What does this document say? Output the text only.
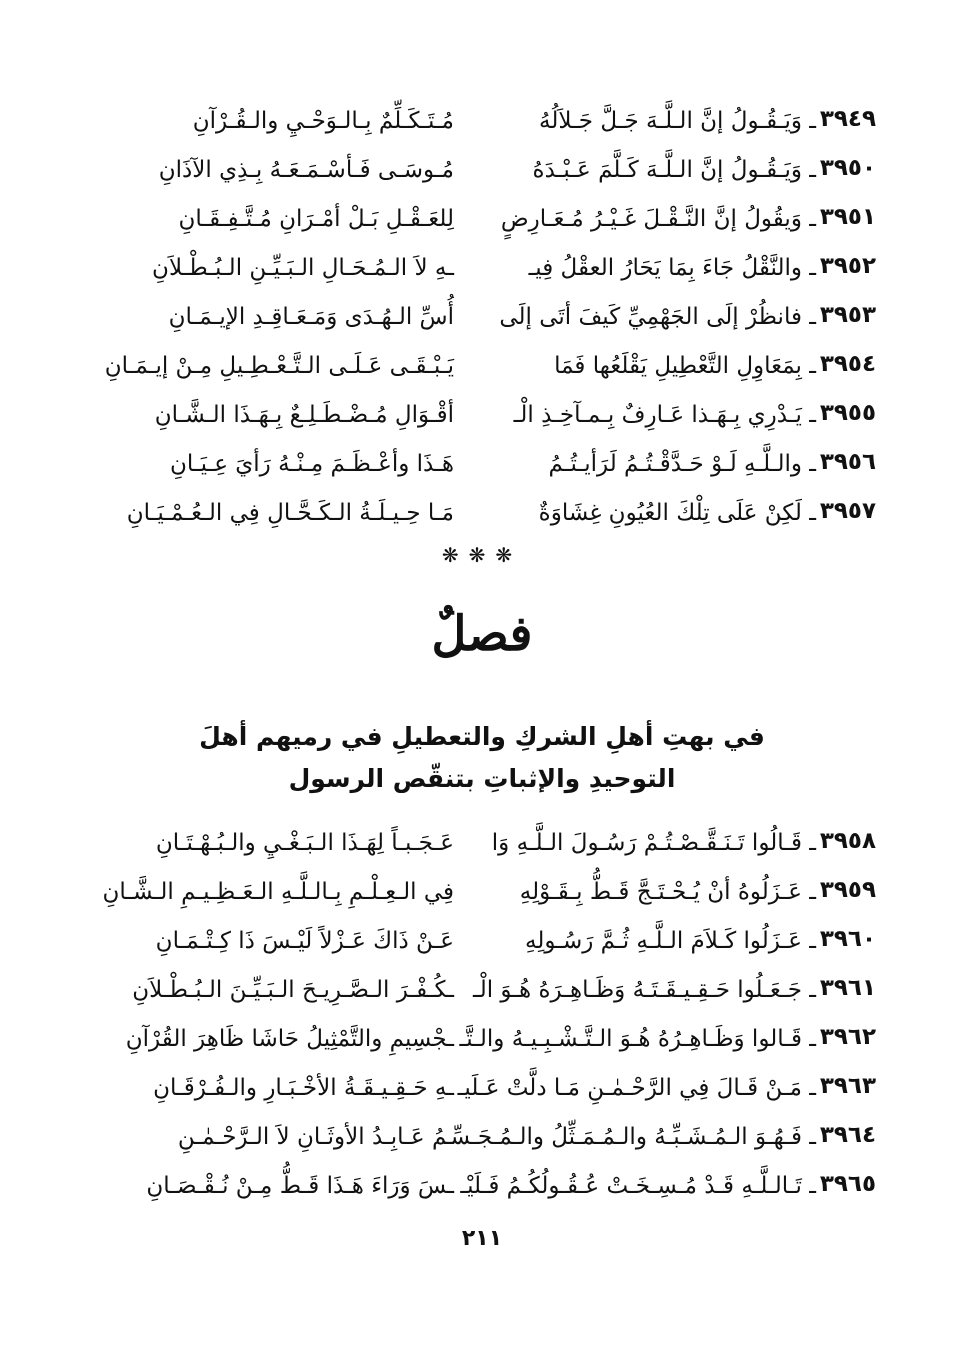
٣٩٤٩
ـ وَيَـقُـولُ إنَّ الـلَّـهَ جَـلَّ جَـلاَلُهُ
مُـتَـكَـلِّمٌ بِـالـوَحْـيِ والـقُـرْآنِ
٣٩٥٠
ـ وَيَـقُـولُ إنَّ الـلَّـهَ كَـلَّمَ عَـبْـدَهُ
مُـوسَـى فَـأسْـمَـعَـهُ بِـذِي الآذَانِ
٣٩٥١
ـ وَيقُولُ إنَّ النَّـقْـلَ غَـيْـرُ مُـعَـارِضٍ
لِلعَـقْـلِ بَـلْ أمْـرَانِ مُـتَّـفِـقَـانِ
٣٩٥٢
ـ والنَّقْلُ جَاءَ بِمَا يَحَارُ العقْلُ فِيـ
ـهِ لاَ الـمُـحَـالِ الـبَـيِّـنِ الـبُـطْـلاَنِ
٣٩٥٣
ـ فانظُرْ إلَى الجَهْمِيِّ كَيفَ أتَى إلَى
أُسِّ الـهُـدَى وَمَـعَـاقِـدِ الإيـمَـانِ
٣٩٥٤
ـ بِمَعَاوِلِ التَّعْطِيلِ يَقْلَعُها فَمَا
يَـبْـقَـى عَـلَـى الـتَّـعْـطِـيلِ مِـنْ إيـمَـانِ
٣٩٥٥
ـ يَـدْرِي بِـهَـذا عَـارِفٌ بِـمـآخِـذِ الْـ
أقْـوَالِ مُـضْـطَـلِـعٌ بِـهَـذَا الـشَّـانِ
٣٩٥٦
ـ والـلَّـهِ لَـوْ حَـدَّقْـتُـمُ لَرَأيـتُـمُ
هَـذَا وأعْـظَـمَ مِـنْـهُ رَأيَ عِـيَـانِ
٣٩٥٧
ـ لَكِنْ عَلَى تِلْكَ العُيُونِ غِشَاوَةٌ
مَـا حِـيـلَـةُ الـكَـحَّـالِ فِي الـعُـمْـيَـانِ
❋❋❋
فصلٌ
في بهتِ أهلِ الشركِ والتعطيلِ في رميهم أهلَ
التوحيدِ والإثباتِ بتنقّص الرسول
٣٩٥٨
ـ قَـالُوا تَـنَـقَّـصْـتُـمْ رَسُـولَ الـلَّـهِ وَا
عَـجَـبـاً لِهَـذَا الـبَـغْـيِ والـبُـهْـتَـانِ
٣٩٥٩
ـ عَـزَلُوهُ أنْ يُـحْـتَـجَّ قَـطُّ بِـقَـوْلِهِ
فِي الـعِـلْـمِ بِـالـلَّـهِ الـعَـظِـيـمِ الـشَّـانِ
٣٩٦٠
ـ عَـزَلُوا كَـلاَمَ الـلَّـهِ ثُـمَّ رَسُـولِهِ
عَـنْ ذَاكَ عَـزْلاً لَيْـسَ ذَا كِـتْـمَـانِ
٣٩٦١
ـ جَـعَـلُوا حَـقِـيـقَـتَـهُ وَظَـاهِـرَهُ هُـوَ الْـ
ـكُـفْـرَ الـصَّـرِيـحَ الـبَـيِّـنَ الـبُـطْـلاَنِ
٣٩٦٢
ـ قَـالوا وَظَـاهِـرُهُ هُـوَ الـتَّـشْـبِـيـهُ والـتَّـ
ـجْسِيمِ والتَّمْثِيلُ حَاشَا ظَاهِرَ القُرْآنِ
٣٩٦٣
ـ مَـنْ قَـالَ فِي الرَّحْـمٰـنِ مَـا دلَّتْ عَـلَيـ
ـهِ حَـقِـيـقَـةُ الأخْـبَـارِ والـفُـرْقَـانِ
٣٩٦٤
ـ فَـهُـوَ الـمُـشَـبِّـهُ والـمُـمَـثِّلُ والـمُـجَـسِّـ
ـمُ عَـابِـدُ الأوثَـانِ لاَ الـرَّحْـمٰـنِ
٣٩٦٥
ـ تَـالـلَّـهِ قَـدْ مُـسِـخَـتْ عُـقُـولُكُـمُ فَـلَيْـ
ـسَ وَرَاءَ هَـذَا قَـطُّ مِـنْ نُـقْـصَـانِ
٢١١
